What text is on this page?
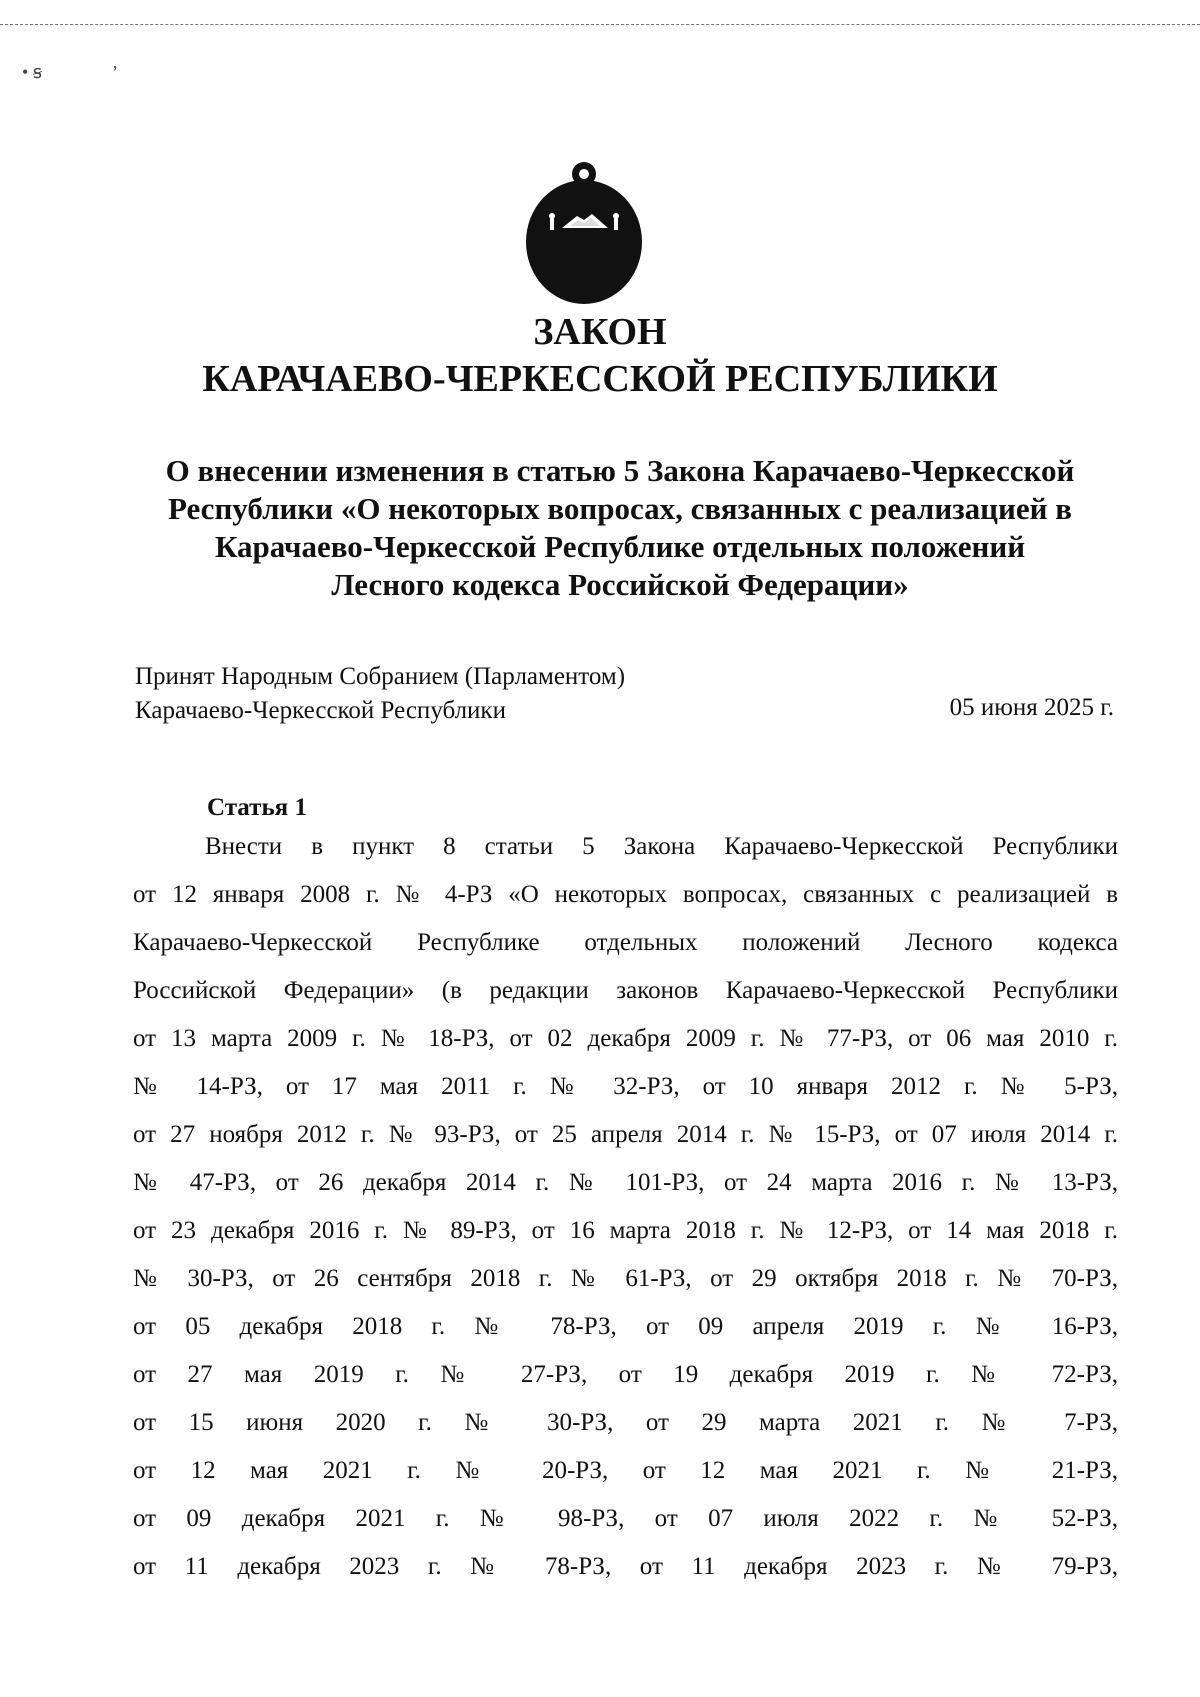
• ꞩ	ʼ
ЗАКОН
КАРАЧАЕВО-ЧЕРКЕССКОЙ РЕСПУБЛИКИ
О внесении изменения в статью 5 Закона Карачаево-Черкесской
Республики «О некоторых вопросах, связанных с реализацией в
Карачаево-Черкесской Республике отдельных положений
Лесного кодекса Российской Федерации»
Принят Народным Собранием (Парламентом)
Карачаево-Черкесской Республики	05 июня 2025 г.
Статья 1
Внести в пункт 8 статьи 5 Закона Карачаево-Черкесской Республики
от 12 января 2008 г. № 4-РЗ «О некоторых вопросах, связанных с реализацией в
Карачаево-Черкесской Республике отдельных положений Лесного кодекса
Российской Федерации» (в редакции законов Карачаево-Черкесской Республики
от 13 марта 2009 г. № 18-РЗ, от 02 декабря 2009 г. № 77-РЗ, от 06 мая 2010 г.
№ 14-РЗ, от 17 мая 2011 г. № 32-РЗ, от 10 января 2012 г. № 5-РЗ,
от 27 ноября 2012 г. № 93-РЗ, от 25 апреля 2014 г. № 15-РЗ, от 07 июля 2014 г.
№ 47-РЗ, от 26 декабря 2014 г. № 101-РЗ, от 24 марта 2016 г. № 13-РЗ,
от 23 декабря 2016 г. № 89-РЗ, от 16 марта 2018 г. № 12-РЗ, от 14 мая 2018 г.
№ 30-РЗ, от 26 сентября 2018 г. № 61-РЗ, от 29 октября 2018 г. № 70-РЗ,
от 05 декабря 2018 г. № 78-РЗ, от 09 апреля 2019 г. № 16-РЗ,
от 27 мая 2019 г. № 27-РЗ, от 19 декабря 2019 г. № 72-РЗ,
от 15 июня 2020 г. № 30-РЗ, от 29 марта 2021 г. № 7-РЗ,
от 12 мая 2021 г. № 20-РЗ, от 12 мая 2021 г. № 21-РЗ,
от 09 декабря 2021 г. № 98-РЗ, от 07 июля 2022 г. № 52-РЗ,
от 11 декабря 2023 г. № 78-РЗ, от 11 декабря 2023 г. № 79-РЗ,
